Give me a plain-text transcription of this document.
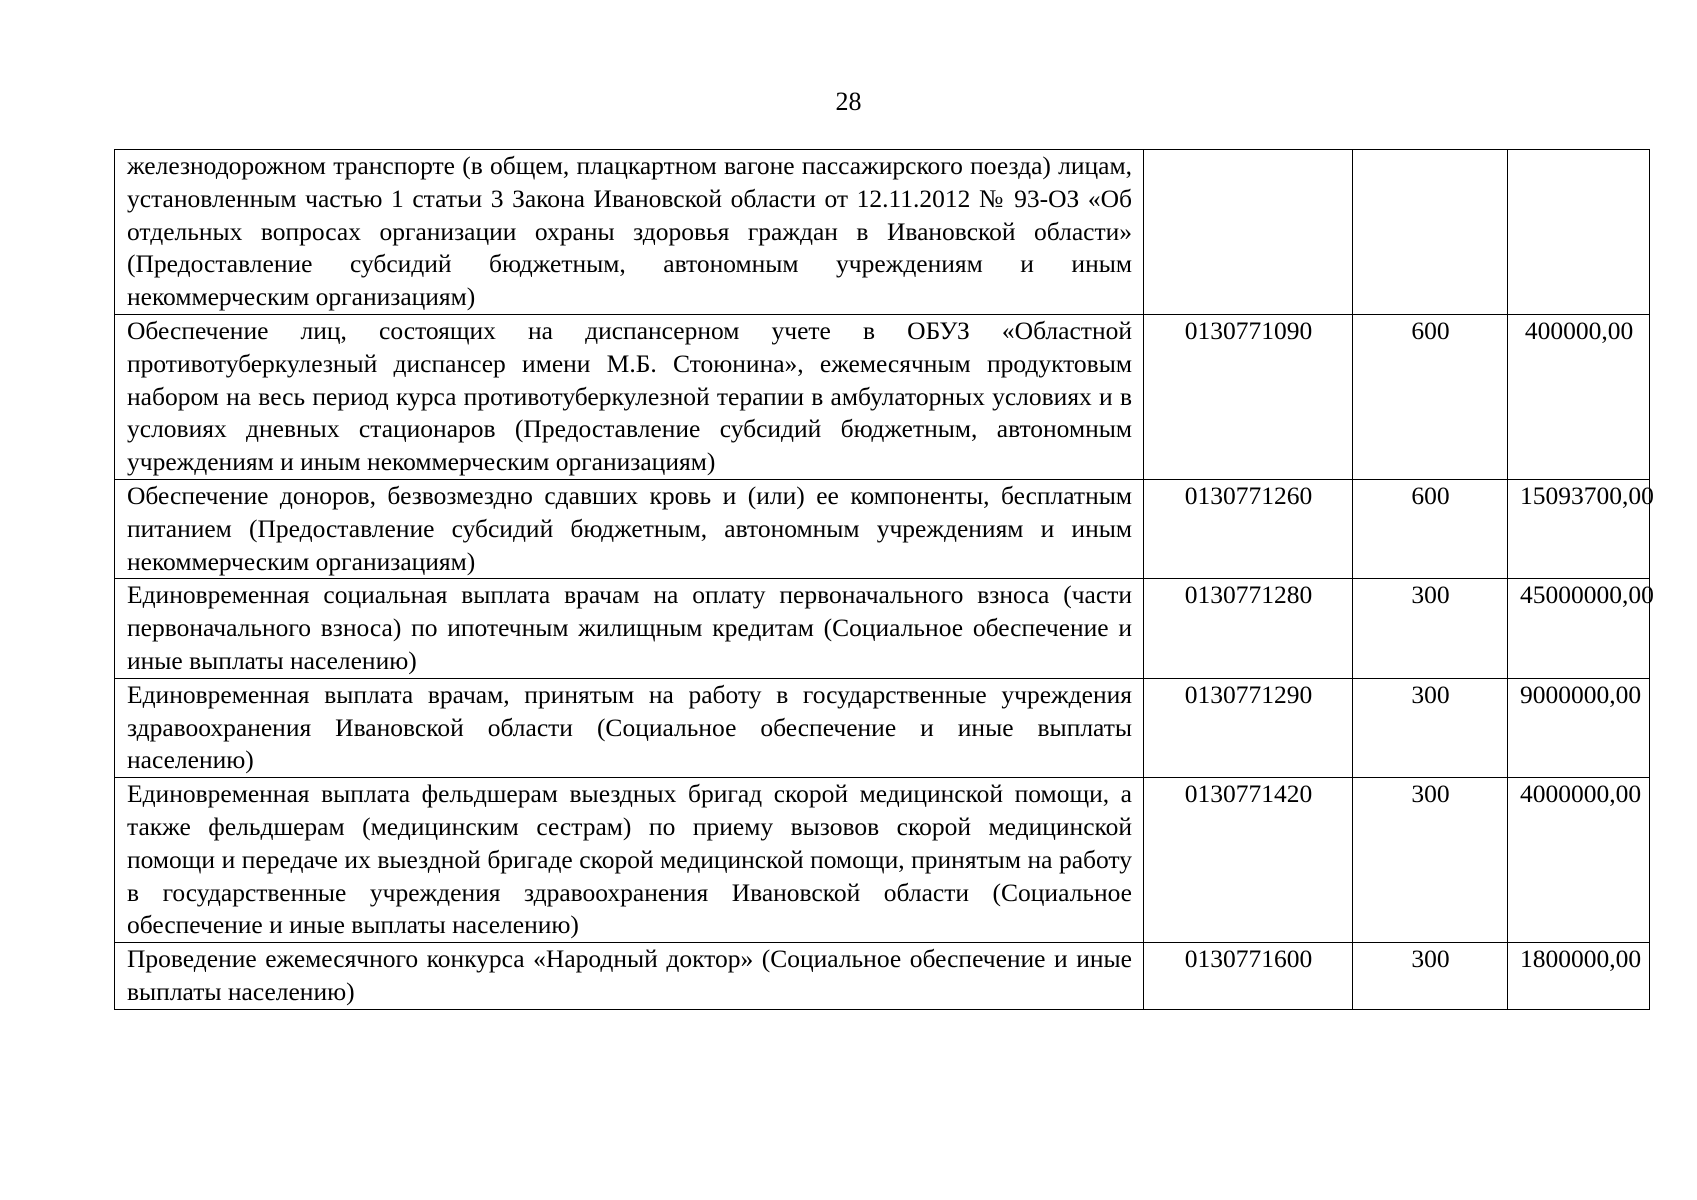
28
железнодорожном транспорте (в общем, плацкартном вагоне пассажирского поезда) лицам, установленным частью 1 статьи 3 Закона Ивановской области от 12.11.2012 № 93-ОЗ «Об отдельных вопросах организации охраны здоровья граждан в Ивановской области» (Предоставление субсидий бюджетным, автономным учреждениям и иным некоммерческим организациям)			
Обеспечение лиц, состоящих на диспансерном учете в ОБУЗ «Областной противотуберкулезный диспансер имени М.Б. Стоюнина», ежемесячным продуктовым набором на весь период курса противотуберкулезной терапии в амбулаторных условиях и в условиях дневных стационаров (Предоставление субсидий бюджетным, автономным учреждениям и иным некоммерческим организациям)	0130771090	600	400000,00
Обеспечение доноров, безвозмездно сдавших кровь и (или) ее компоненты, бесплатным питанием (Предоставление субсидий бюджетным, автономным учреждениям и иным некоммерческим организациям)	0130771260	600	15093700,00
Единовременная социальная выплата врачам на оплату первоначального взноса (части первоначального взноса) по ипотечным жилищным кредитам (Социальное обеспечение и иные выплаты населению)	0130771280	300	45000000,00
Единовременная выплата врачам, принятым на работу в государственные учреждения здравоохранения Ивановской области (Социальное обеспечение и иные выплаты населению)	0130771290	300	9000000,00
Единовременная выплата фельдшерам выездных бригад скорой медицинской помощи, а также фельдшерам (медицинским сестрам) по приему вызовов скорой медицинской помощи и передаче их выездной бригаде скорой медицинской помощи, принятым на работу в государственные учреждения здравоохранения Ивановской области (Социальное обеспечение и иные выплаты населению)	0130771420	300	4000000,00
Проведение ежемесячного конкурса «Народный доктор» (Социальное обеспечение и иные выплаты населению)	0130771600	300	1800000,00
